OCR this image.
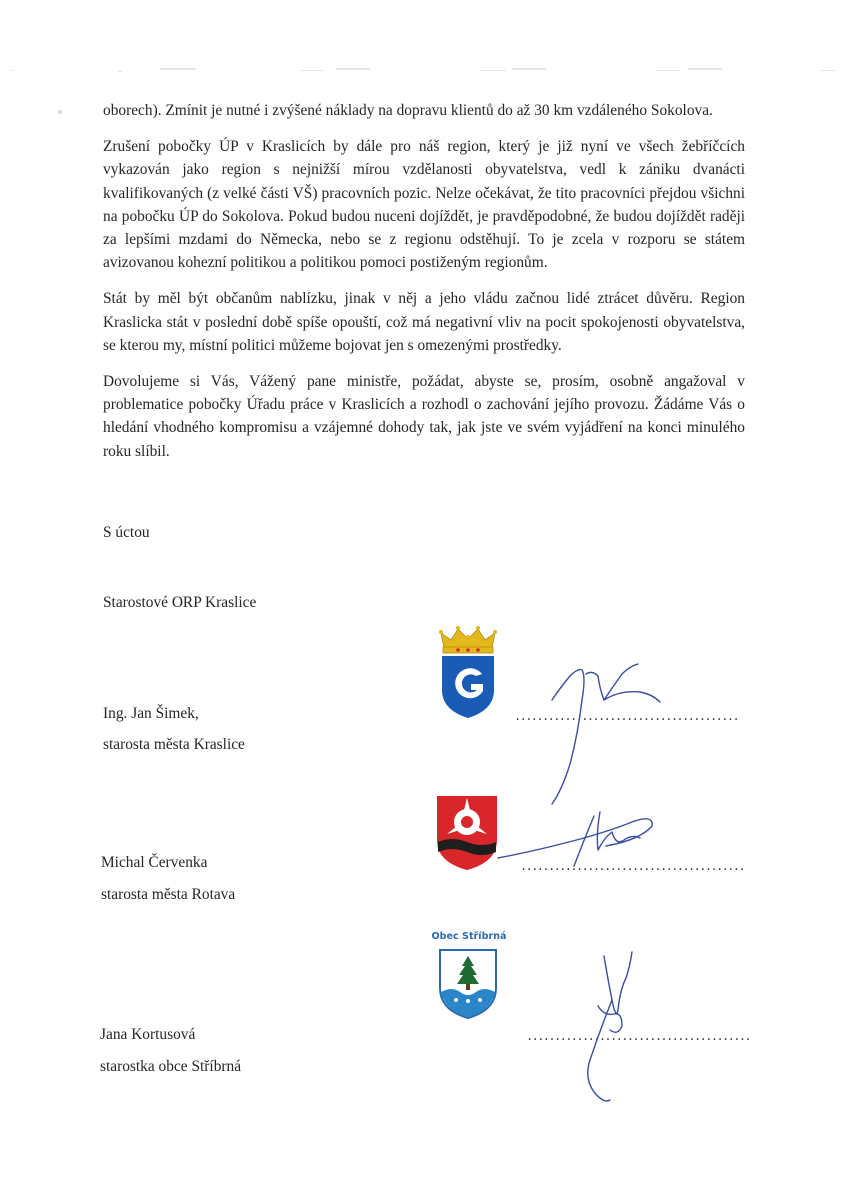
oborech). Zmínit je nutné i zvýšené náklady na dopravu klientů do až 30 km vzdáleného Sokolova.

Zrušení pobočky ÚP v Kraslicích by dále pro náš region, který je již nyní ve všech žebříčcích vykazován jako region s nejnižší mírou vzdělanosti obyvatelstva, vedl k zániku dvanácti kvalifikovaných (z velké části VŠ) pracovních pozic. Nelze očekávat, že tito pracovníci přejdou všichni na pobočku ÚP do Sokolova. Pokud budou nuceni dojíždět, je pravděpodobné, že budou dojíždět raději za lepšími mzdami do Německa, nebo se z regionu odstěhují. To je zcela v rozporu se státem avizovanou kohezní politikou a politikou pomoci postiženým regionům.

Stát by měl být občanům nablízku, jinak v něj a jeho vládu začnou lidé ztrácet důvěru. Region Kraslicka stát v poslední době spíše opouští, což má negativní vliv na pocit spokojenosti obyvatelstva, se kterou my, místní politici můžeme bojovat jen s omezenými prostředky.

Dovolujeme si Vás, Vážený pane ministře, požádat, abyste se, prosím, osobně angažoval v problematice pobočky Úřadu práce v Kraslicích a rozhodl o zachování jejího provozu. Žádáme Vás o hledání vhodného kompromisu a vzájemné dohody tak, jak jste ve svém vyjádření na konci minulého roku slíbil.

S úctou
Starostové ORP Kraslice
Ing. Jan Šimek,
starosta města Kraslice
........................................
Michal Červenka
starosta města Rotava
........................................
Obec Stříbrná
Jana Kortusová
starostka obce Stříbrná
........................................
